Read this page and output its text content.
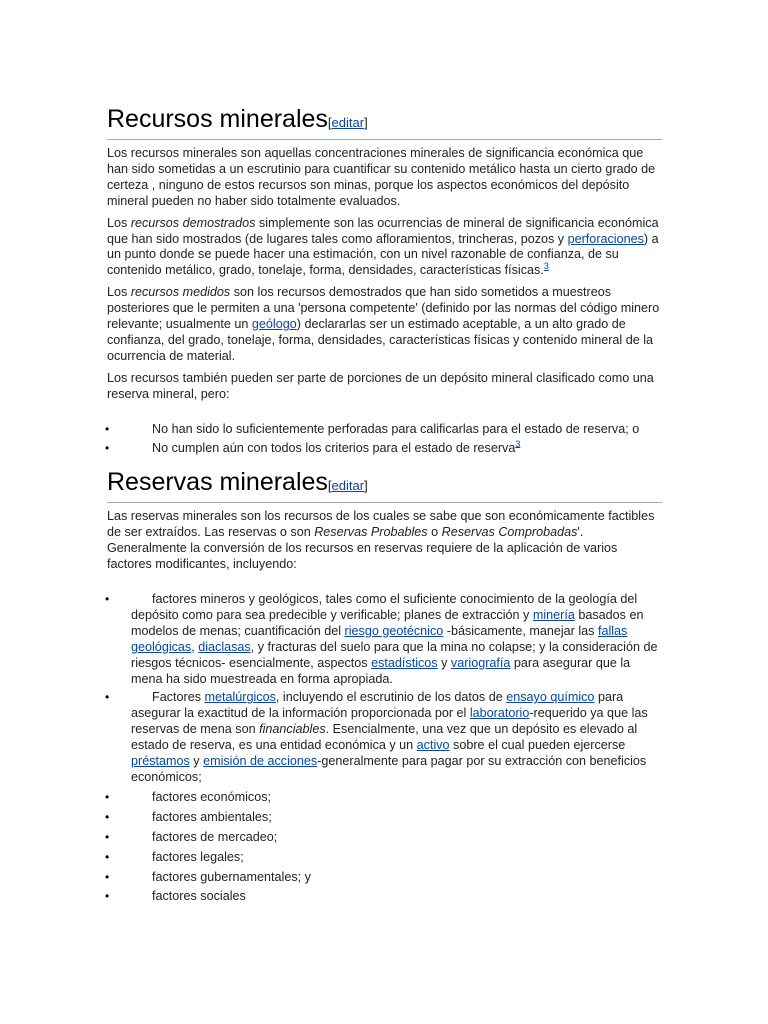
Recursos minerales[editar]

Los recursos minerales son aquellas concentraciones minerales de significancia económica que han sido sometidas a un escrutinio para cuantificar su contenido metálico hasta un cierto grado de certeza , ninguno de estos recursos son minas, porque los aspectos económicos del depósito mineral pueden no haber sido totalmente evaluados.

Los recursos demostrados simplemente son las ocurrencias de mineral de significancia económica que han sido mostrados (de lugares tales como afloramientos, trincheras, pozos y perforaciones) a un punto donde se puede hacer una estimación, con un nivel razonable de confianza, de su contenido metálico, grado, tonelaje, forma, densidades, características físicas.$^3$

Los recursos medidos son los recursos demostrados que han sido sometidos a muestreos posteriores que le permiten a una 'persona competente' (definido por las normas del código minero relevante; usualmente un geólogo) declararlas ser un estimado aceptable, a un alto grado de confianza, del grado, tonelaje, forma, densidades, características físicas y contenido mineral de la ocurrencia de material.

Los recursos también pueden ser parte de porciones de un depósito mineral clasificado como una reserva mineral, pero:

•	No han sido lo suficientemente perforadas para calificarlas para el estado de reserva; o
•	No cumplen aún con todos los criterios para el estado de reserva$^3$
Reservas minerales[editar]

Las reservas minerales son los recursos de los cuales se sabe que son económicamente factibles de ser extraídos. Las reservas o son Reservas Probables o Reservas Comprobadas'. Generalmente la conversión de los recursos en reservas requiere de la aplicación de varios factores modificantes, incluyendo:

•	factores mineros y geológicos, tales como el suficiente conocimiento de la geología del depósito como para sea predecible y verificable; planes de extracción y minería basados en modelos de menas; cuantificación del riesgo geotécnico -básicamente, manejar las fallas geológicas, diaclasas, y fracturas del suelo para que la mina no colapse; y la consideración de riesgos técnicos- esencialmente, aspectos estadísticos y variografía para asegurar que la mena ha sido muestreada en forma apropiada.
•	Factores metalúrgicos, incluyendo el escrutinio de los datos de ensayo químico para asegurar la exactitud de la información proporcionada por el laboratorio-requerido ya que las reservas de mena son financiables. Esencialmente, una vez que un depósito es elevado al estado de reserva, es una entidad económica y un activo sobre el cual pueden ejercerse préstamos y emisión de acciones-generalmente para pagar por su extracción con beneficios económicos;
•	factores económicos;
•	factores ambientales;
•	factores de mercadeo;
•	factores legales;
•	factores gubernamentales; y
•	factores sociales
